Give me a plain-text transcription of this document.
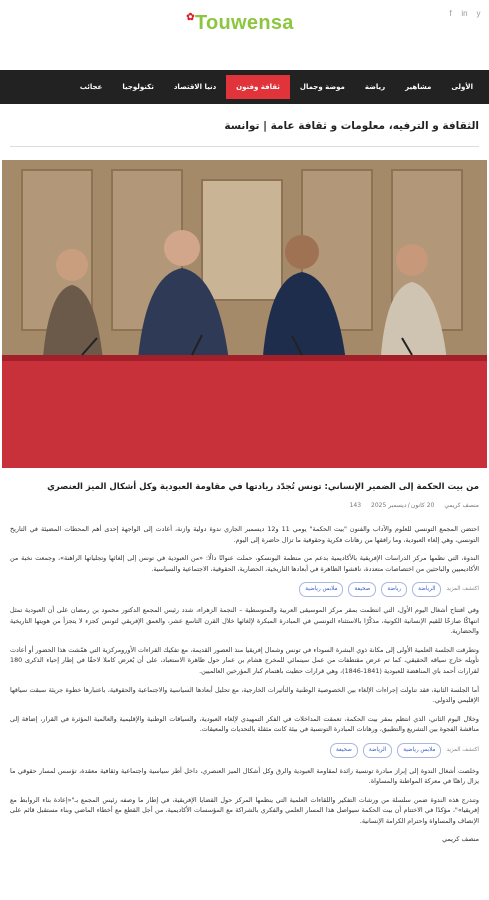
Touwensa✿	f	in	y
الأولى
مشاهير
رياضة
موضة وجمال
ثقافة وفنون
دنيا الاقتصاد
تكنولوجيا
عجائب
الثقافة و الترفيه، معلومات و ثقافة عامة | توانسة
من بيت الحكمة إلى الضمير الإنساني: تونس تُجدّد ريادتها في مقاومة العبودية وكل أشكال الميز العنصري
منصف كريمي
20 كانون / ديسمبر 2025
143

احتضن المجمع التونسي للعلوم والآداب والفنون "بيت الحكمة" يومي 11 و12 ديسمبر الجاري ندوة دولية وازنة، أعادت إلى الواجهة إحدى أهم المحطات المضيئة في التاريخ التونسي، وهي إلغاء العبودية، وما رافقها من رهانات فكرية وحقوقية ما تزال حاضرة إلى اليوم.

الندوة، التي نظمها مركز الدراسات الإفريقية بالأكاديمية بدعم من منظمة اليونسكو، حملت عنوانًا دالًا: «من العبودية في تونس إلى إلغائها وتجلياتها الراهنة»، وجمعت نخبة من الأكاديميين والباحثين من اختصاصات متعددة، ناقشوا الظاهرة في أبعادها التاريخية، الحضارية، الحقوقية، الاجتماعية والسياسية.

اكتشف المزيد
الرياضة
رياضة
صحيفة
ملابس رياضية

وفي افتتاح أشغال اليوم الأول، التي انتظمت بمقر مركز الموسيقى العربية والمتوسطية – النجمة الزهراء، شدد رئيس المجمع الدكتور محمود بن رمضان على أن العبودية تمثل انتهاكًا صارخًا للقيم الإنسانية الكونية، مذكّرًا بالاستثناء التونسي في المبادرة المبكرة لإلغائها خلال القرن التاسع عشر، والعمق الإفريقي لتونس كجزء لا يتجزأ من هويتها التاريخية والحضارية.

وتطرقت الجلسة العلمية الأولى إلى مكانة ذوي البشرة السوداء في تونس وشمال إفريقيا منذ العصور القديمة، مع تفكيك القراءات الأورومركزية التي همّشت هذا الحضور أو أعادت تأويله خارج سياقه الحقيقي، كما تم عرض مقتطفات من عمل سينمائي للمخرج هشام بن عمار حول ظاهرة الاستعباد، على أن يُعرض كاملا لاحقًا في إطار إحياء الذكرى 180 لقرارات أحمد باي المناهضة للعبودية (1841-1846)، وهي قرارات حظيت باهتمام كبار المؤرخين العالميين.

أما الجلسة الثانية، فقد تناولت إجراءات الإلغاء بين الخصوصية الوطنية والتأثيرات الخارجية، مع تحليل أبعادها السياسية والاجتماعية والحقوقية، باعتبارها خطوة جريئة سبقت سياقها الإقليمي والدولي.

وخلال اليوم الثاني، الذي انتظم بمقر بيت الحكمة، تعمقت المداخلات في الفكر التمهيدي لإلغاء العبودية، والسياقات الوطنية والإقليمية والعالمية المؤثرة في القرار، إضافة إلى مناقشة الفجوة بين التشريع والتطبيق، ورهانات المبادرة التونسية في بيئة كانت مثقلة بالتحديات والمعيقات.

اكتشف المزيد
ملابس رياضية
الرياضة
صحيفة

وخلصت أشغال الندوة إلى إبراز مبادرة تونسية رائدة لمقاومة العبودية والرق وكل أشكال الميز العنصري، داخل أطر سياسية واجتماعية وثقافية معقدة، تؤسس لمسار حقوقي ما يزال راهنًا في معركة المواطنة والمساواة.

وتندرج هذه الندوة ضمن سلسلة من ورشات التفكير واللقاءات العلمية التي ينظمها المركز حول القضايا الإفريقية، في إطار ما وصفه رئيس المجمع بـ"«إعادة بناء الروابط مع إفريقيا»"، مؤكدًا في الاختتام أن بيت الحكمة سيواصل هذا المسار العلمي والفكري بالشراكة مع المؤسسات الأكاديمية، من أجل القطع مع أخطاء الماضي وبناء مستقبل قائم على الإنصاف والمساواة واحترام الكرامة الإنسانية.

منصف كريمي
